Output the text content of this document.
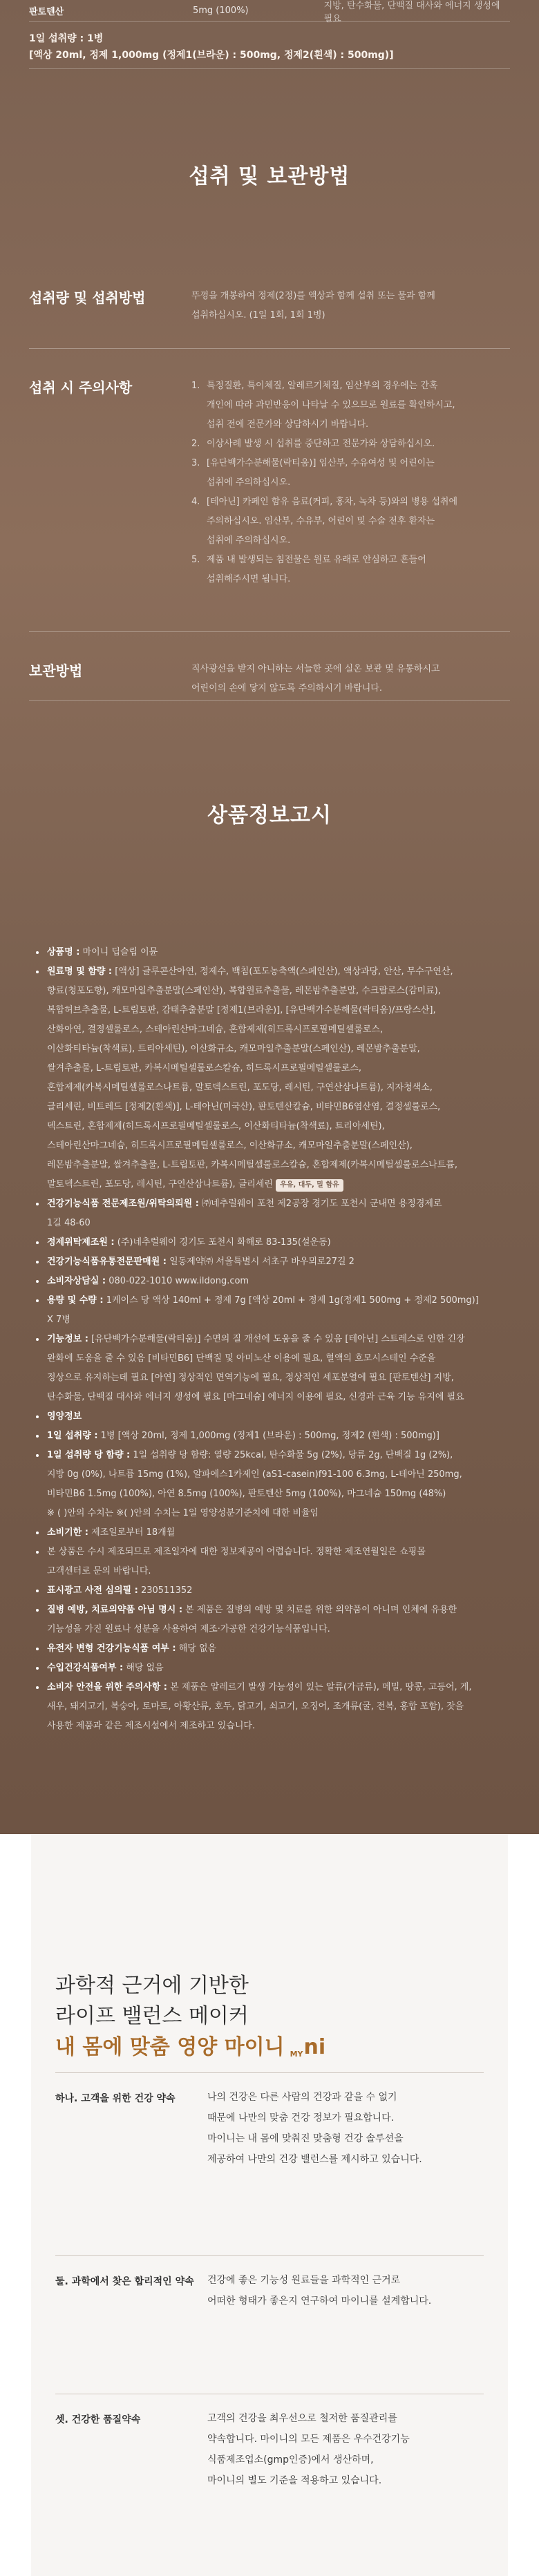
판토텐산	5mg (100%)	지방, 탄수화물, 단백질 대사와 에너지 생성에 필요
1일 섭취량 : 1병
[액상 20ml, 정제 1,000mg (정제1(브라운) : 500mg, 정제2(흰색) : 500mg)]
섭취 및 보관방법
섭취량 및 섭취방법	뚜껑을 개봉하여 정제(2정)를 액상과 함께 섭취 또는 물과 함께
섭취하십시오. (1일 1회, 1회 1병)
섭취 시 주의사항	1. 특정질환, 특이체질, 알레르기체질, 임산부의 경우에는 간혹
개인에 따라 과민반응이 나타날 수 있으므로 원료를 확인하시고,
섭취 전에 전문가와 상담하시기 바랍니다.
2. 이상사례 발생 시 섭취를 중단하고 전문가와 상담하십시오.
3. [유단백가수분해물(락티움)] 임산부, 수유여성 및 어린이는
섭취에 주의하십시오.
4. [테아닌] 카페인 함유 음료(커피, 홍차, 녹차 등)와의 병용 섭취에
주의하십시오. 임산부, 수유부, 어린이 및 수술 전후 환자는
섭취에 주의하십시오.
5. 제품 내 발생되는 침전물은 원료 유래로 안심하고 흔들어
섭취해주시면 됩니다.
보관방법	직사광선을 받지 아니하는 서늘한 곳에 실온 보관 및 유통하시고
어린이의 손에 닿지 않도록 주의하시기 바랍니다.
상품정보고시
상품명 : 마이니 딥슬립 이뮨
원료명 및 함량 : [액상] 글루콘산아연, 정제수, 백침(포도농축액(스페인산), 액상과당, 안산, 무수구연산,
향료(청포도향), 캐모마일추출분말(스페인산), 복합원료추출물, 레몬밤추출분말, 수크랄로스(감미료),
복합허브추출물, L-트립토판, 감태추출분말 [정제1(브라운)], [유단백가수분해물(락티움)/프랑스산],
산화아연, 결정셀룰로스, 스테아린산마그네슘, 혼합제제(히드록시프로필메틸셀룰로스,
이산화티타늄(착색료), 트리아세틴), 이산화규소, 캐모마일추출분말(스페인산), 레몬밤추출분말,
쌀겨추출물, L-트립토판, 카복시메틸셀룰로스칼슘, 히드록시프로필메틸셀룰로스,
혼합제제(카복시메틸셀룰로스나트륨, 말토덱스트린, 포도당, 레시틴, 구연산삼나트륨), 지자청색소,
글리세린, 비트레드 [정제2(흰색)], L-테아닌(미국산), 판토텐산칼슘, 비타민B6염산염, 결정셀룰로스,
덱스트린, 혼합제제(히드록시프로필메틸셀룰로스, 이산화티타늄(착색료), 트리아세틴),
스테아린산마그네슘, 히드록시프로필메틸셀룰로스, 이산화규소, 캐모마일추출분말(스페인산),
레몬밤추출분말, 쌀겨추출물, L-트립토판, 카복시메틸셀룰로스칼슘, 혼합제제(카복시메틸셀룰로스나트륨,
말토덱스트린, 포도당, 레시틴, 구연산삼나트륨), 글리세린 우유, 대두, 밀 함유
건강기능식품 전문제조원/위탁의뢰원 : ㈜네추럴웨이 포천 제2공장 경기도 포천시 군내면 용정경제로
1길 48-60
정제위탁제조원 : (주)네추럴웨이 경기도 포천시 화해로 83-135(설운동)
건강기능식품유통전문판매원 : 일동제약㈜ 서울특별시 서초구 바우뫼로27길 2
소비자상담실 : 080-022-1010 www.ildong.com
용량 및 수량 : 1케이스 당 액상 140ml + 정제 7g [액상 20ml + 정제 1g(정제1 500mg + 정제2 500mg)]
X 7병
기능정보 : [유단백가수분해물(락티움)] 수면의 질 개선에 도움을 줄 수 있음 [테아닌] 스트레스로 인한 긴장
완화에 도움을 줄 수 있음 [비타민B6] 단백질 및 아미노산 이용에 필요, 혈액의 호모시스테인 수준을
정상으로 유지하는데 필요 [아연] 정상적인 면역기능에 필요, 정상적인 세포분열에 필요 [판토텐산] 지방,
탄수화물, 단백질 대사와 에너지 생성에 필요 [마그네슘] 에너지 이용에 필요, 신경과 근육 기능 유지에 필요
영양정보
1일 섭취량 : 1병 [액상 20ml, 정제 1,000mg (정제1 (브라운) : 500mg, 정제2 (흰색) : 500mg)]
1일 섭취량 당 함량 : 1일 섭취량 당 함량: 열량 25kcal, 탄수화물 5g (2%), 당류 2g, 단백질 1g (2%),
지방 0g (0%), 나트륨 15mg (1%), 알파에스1카제인 (aS1-casein)f91-100 6.3mg, L-테아닌 250mg,
비타민B6 1.5mg (100%), 아연 8.5mg (100%), 판토텐산 5mg (100%), 마그네슘 150mg (48%)
※ ( )안의 수치는 ※( )안의 수치는 1일 영양성분기준치에 대한 비율임
소비기한 : 제조일로부터 18개월
본 상품은 수시 제조되므로 제조일자에 대한 정보제공이 어렵습니다. 정확한 제조연월일은 쇼핑몰
고객센터로 문의 바랍니다.
표시광고 사전 심의필 : 230511352
질병 예방, 치료의약품 아님 명시 : 본 제품은 질병의 예방 및 치료를 위한 의약품이 아니며 인체에 유용한
기능성을 가진 원료나 성분을 사용하여 제조·가공한 건강기능식품입니다.
유전자 변형 건강기능식품 여부 : 해당 없음
수입건강식품여부 : 해당 없음
소비자 안전을 위한 주의사항 : 본 제품은 알레르기 발생 가능성이 있는 알류(가금류), 메밀, 땅콩, 고등어, 게,
새우, 돼지고기, 복숭아, 토마토, 아황산류, 호두, 닭고기, 쇠고기, 오징어, 조개류(굴, 전복, 홍합 포함), 잣을
사용한 제품과 같은 제조시설에서 제조하고 있습니다.
과학적 근거에 기반한
라이프 밸런스 메이커
내 몸에 맞춤 영양 마이니 MY ni
하나. 고객을 위한 건강 약속	나의 건강은 다른 사람의 건강과 같을 수 없기
때문에 나만의 맞춤 건강 정보가 필요합니다.
마이니는 내 몸에 맞춰진 맞춤형 건강 솔루션을
제공하여 나만의 건강 밸런스를 제시하고 있습니다.
둘. 과학에서 찾은 합리적인 약속	건강에 좋은 기능성 원료들을 과학적인 근거로
어떠한 형태가 좋은지 연구하여 마이니를 설계합니다.
셋. 건강한 품질약속	고객의 건강을 최우선으로 철저한 품질관리를
약속합니다. 마이니의 모든 제품은 우수건강기능
식품제조업소(gmp인증)에서 생산하며,
마이니의 별도 기준을 적용하고 있습니다.
